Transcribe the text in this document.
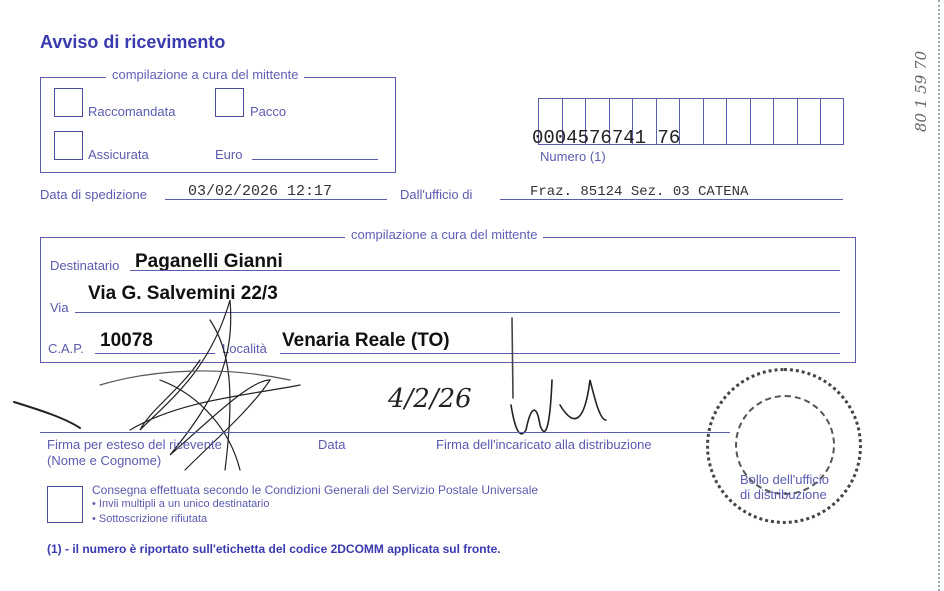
Avviso di ricevimento
compilazione a cura del mittente
Raccomandata	Pacco
Assicurata	Euro
0004576741 76
Numero (1)
Data di spedizione	03/02/2026 12:17	Dall'ufficio di	Fraz. 85124 Sez. 03 CATENA
compilazione a cura del mittente
Destinatario Paganelli Gianni
Via
Via G. Salvemini 22/3
C.A.P. 10078	Località Venaria Reale (TO)
4/2/26
Firma per esteso del ricevente
(Nome e Cognome)
Data	Firma dell'incaricato alla distribuzione
Bollo dell'ufficio
di distribuzione
Consegna effettuata secondo le Condizioni Generali del Servizio Postale Universale
• Invii multipli a un unico destinatario
• Sottoscrizione rifiutata
(1) - il numero è riportato sull'etichetta del codice 2DCOMM applicata sul fronte.
80 1 59 70
